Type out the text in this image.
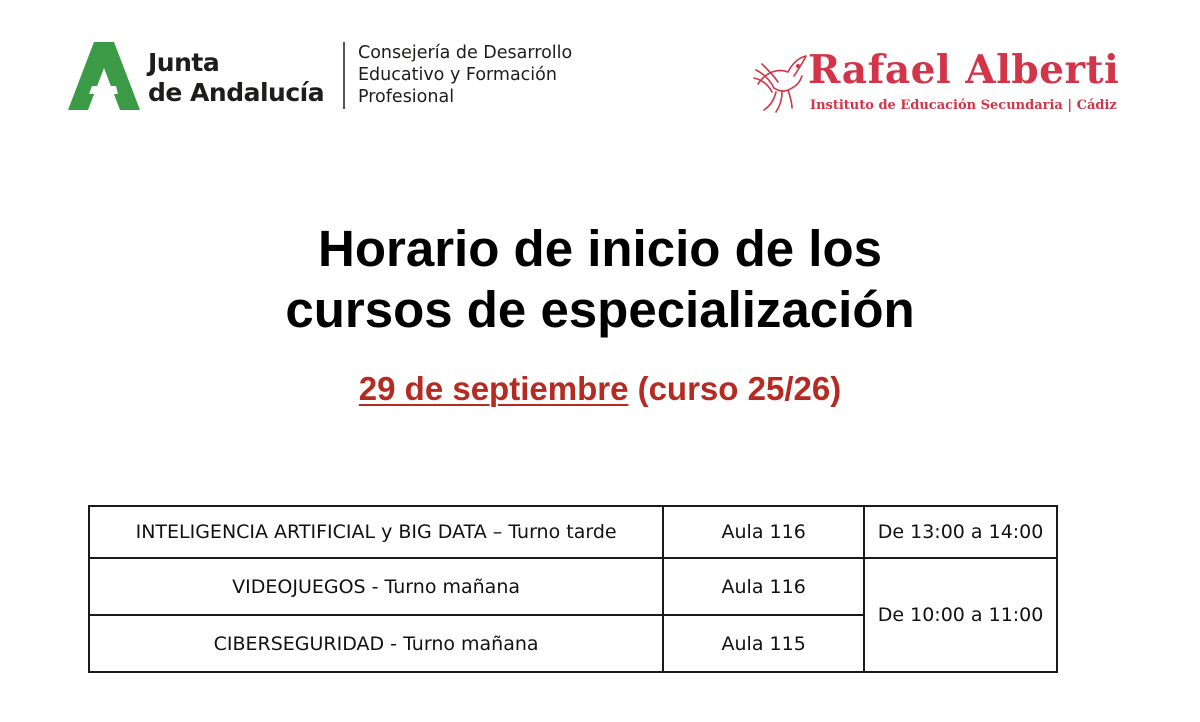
Junta
de Andalucía
Consejería de Desarrollo
Educativo y Formación
Profesional
Rafael Alberti
Instituto de Educación Secundaria | Cádiz
Horario de inicio de los
cursos de especialización
29 de septiembre (curso 25/26)
INTELIGENCIA ARTIFICIAL y BIG DATA – Turno tarde	Aula 116	De 13:00 a 14:00
VIDEOJUEGOS - Turno mañana	Aula 116	De 10:00 a 11:00
CIBERSEGURIDAD - Turno mañana	Aula 115	
